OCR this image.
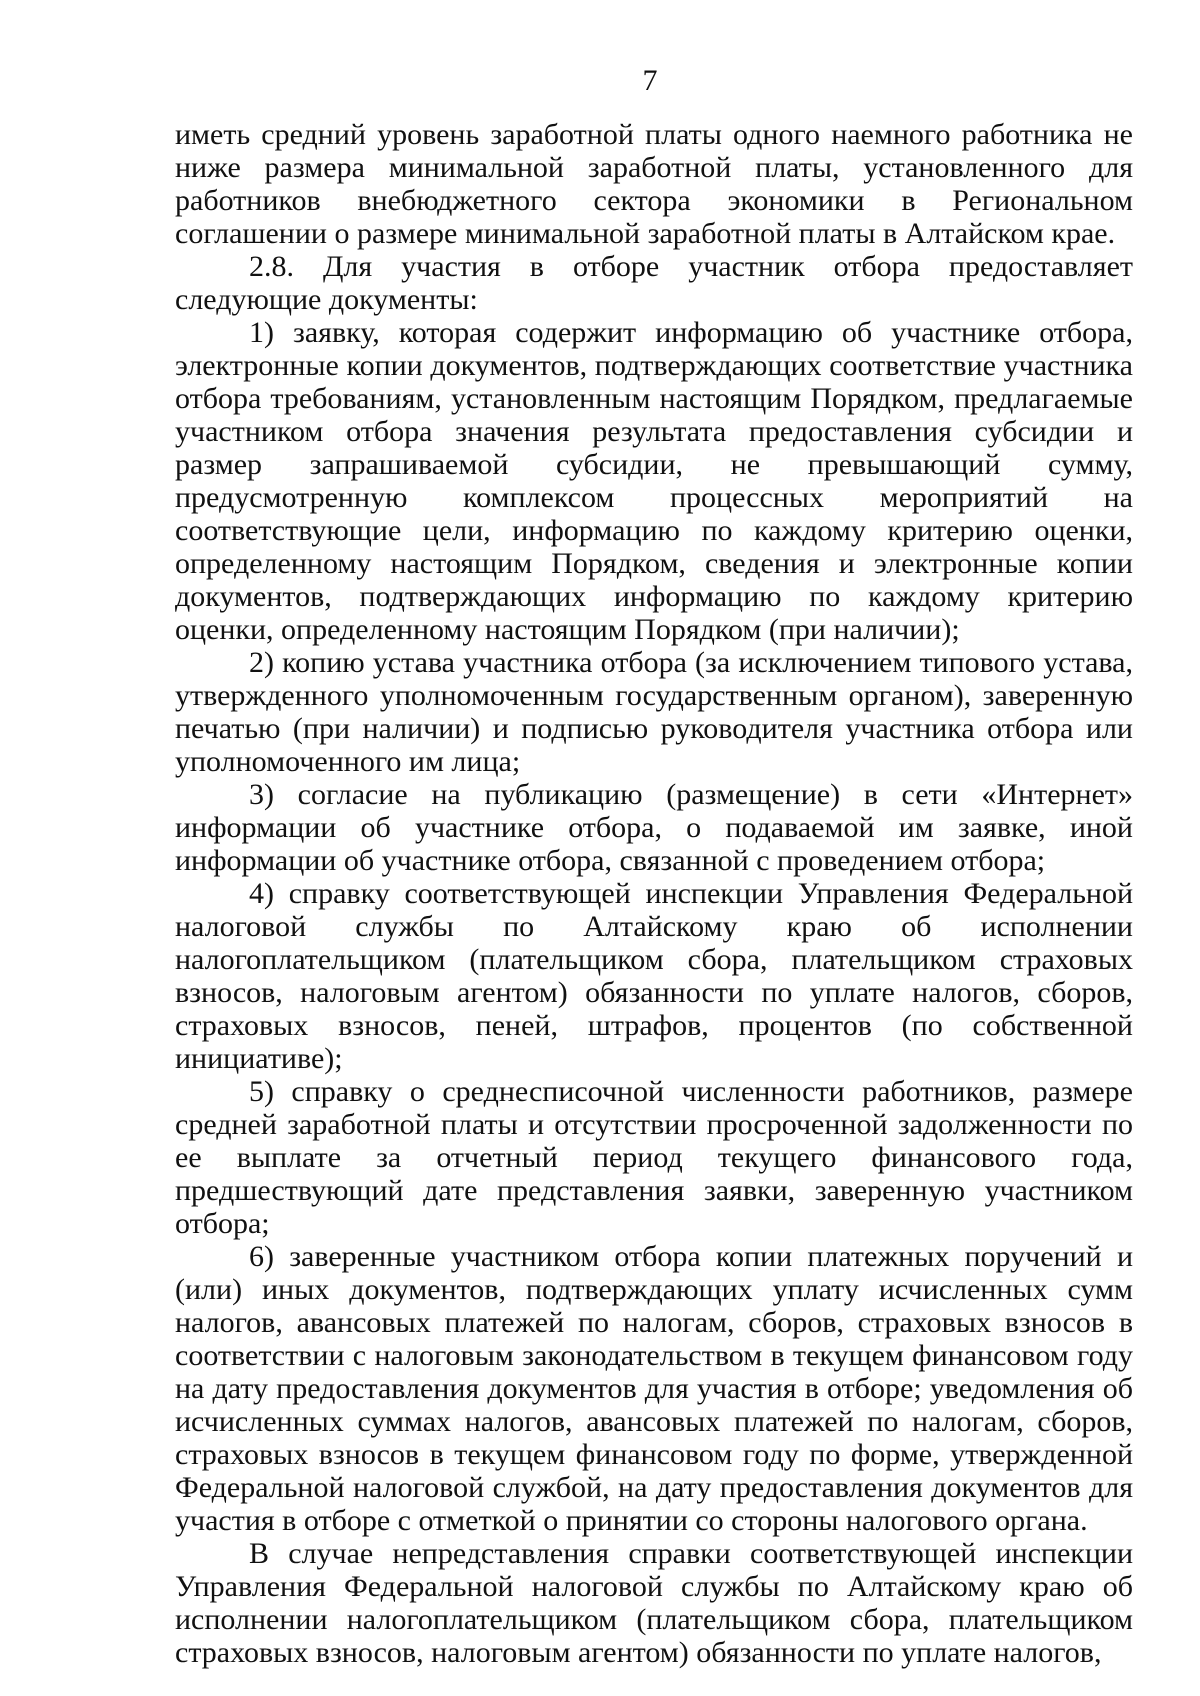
7

иметь средний уровень заработной платы одного наемного работника не ниже размера минимальной заработной платы, установленного для работников внебюджетного сектора экономики в Региональном соглашении о размере минимальной заработной платы в Алтайском крае.

2.8. Для участия в отборе участник отбора предоставляет следующие документы:

1) заявку, которая содержит информацию об участнике отбора, электронные копии документов, подтверждающих соответствие участника отбора требованиям, установленным настоящим Порядком, предлагаемые участником отбора значения результата предоставления субсидии и размер запрашиваемой субсидии, не превышающий сумму, предусмотренную комплексом процессных мероприятий на соответствующие цели, информацию по каждому критерию оценки, определенному настоящим Порядком, сведения и электронные копии документов, подтверждающих информацию по каждому критерию оценки, определенному настоящим Порядком (при наличии);

2) копию устава участника отбора (за исключением типового устава, утвержденного уполномоченным государственным органом), заверенную печатью (при наличии) и подписью руководителя участника отбора или уполномоченного им лица;

3) согласие на публикацию (размещение) в сети «Интернет» информации об участнике отбора, о подаваемой им заявке, иной информации об участнике отбора, связанной с проведением отбора;

4) справку соответствующей инспекции Управления Федеральной налоговой службы по Алтайскому краю об исполнении налогоплательщиком (плательщиком сбора, плательщиком страховых взносов, налоговым агентом) обязанности по уплате налогов, сборов, страховых взносов, пеней, штрафов, процентов (по собственной инициативе);

5) справку о среднесписочной численности работников, размере средней заработной платы и отсутствии просроченной задолженности по ее выплате за отчетный период текущего финансового года, предшествующий дате представления заявки, заверенную участником отбора;

6) заверенные участником отбора копии платежных поручений и (или) иных документов, подтверждающих уплату исчисленных сумм налогов, авансовых платежей по налогам, сборов, страховых взносов в соответствии с налоговым законодательством в текущем финансовом году на дату предоставления документов для участия в отборе; уведомления об исчисленных суммах налогов, авансовых платежей по налогам, сборов, страховых взносов в текущем финансовом году по форме, утвержденной Федеральной налоговой службой, на дату предоставления документов для участия в отборе с отметкой о принятии со стороны налогового органа.

В случае непредставления справки соответствующей инспекции Управления Федеральной налоговой службы по Алтайскому краю об исполнении налогоплательщиком (плательщиком сбора, плательщиком страховых взносов, налоговым агентом) обязанности по уплате налогов,
